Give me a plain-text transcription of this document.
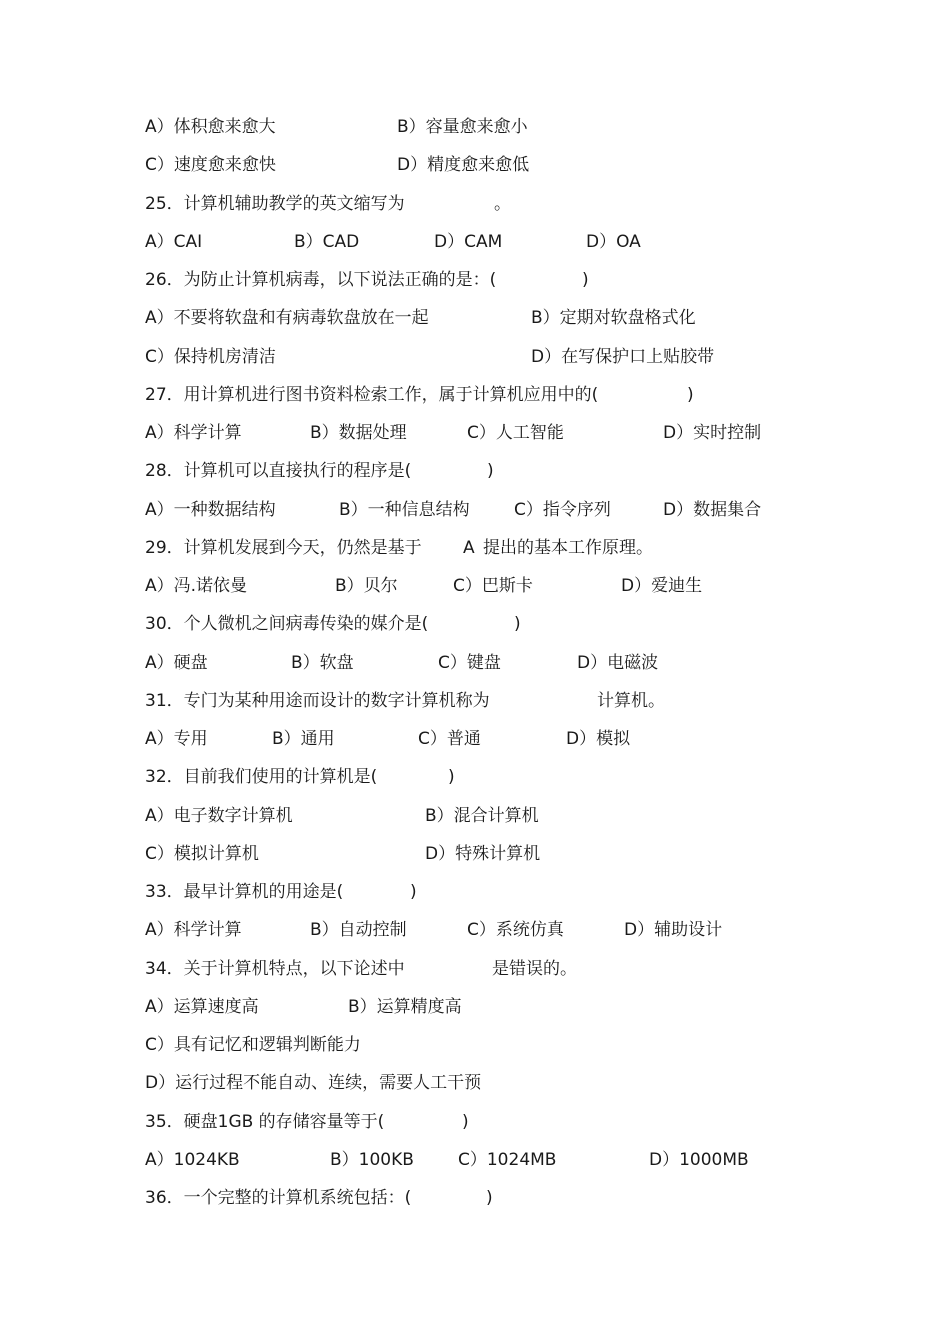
A）体积愈来愈大	B）容量愈来愈小
C）速度愈来愈快	D）精度愈来愈低
25．计算机辅助教学的英文缩写为	。
A）CAI	B）CAD	D）CAM	D）OA
26．为防止计算机病毒，以下说法正确的是：(	)
A）不要将软盘和有病毒软盘放在一起	B）定期对软盘格式化
C）保持机房清洁	D）在写保护口上贴胶带
27．用计算机进行图书资料检索工作，属于计算机应用中的(	)
A）科学计算	B）数据处理	C）人工智能	D）实时控制
28．计算机可以直接执行的程序是(	)
A）一种数据结构	B）一种信息结构	C）指令序列	D）数据集合
29．计算机发展到今天，仍然是基于 A 提出的基本工作原理。
A）冯.诺依曼	B）贝尔	C）巴斯卡	D）爱迪生
30．个人微机之间病毒传染的媒介是(	)
A）硬盘	B）软盘	C）键盘	D）电磁波
31．专门为某种用途而设计的数字计算机称为	计算机。
A）专用	B）通用	C）普通	D）模拟
32．目前我们使用的计算机是(	)
A）电子数字计算机	B）混合计算机
C）模拟计算机	D）特殊计算机
33．最早计算机的用途是(	)
A）科学计算	B）自动控制	C）系统仿真	D）辅助设计
34．关于计算机特点，以下论述中	是错误的。
A）运算速度高	B）运算精度高
C）具有记忆和逻辑判断能力
D）运行过程不能自动、连续，需要人工干预
35．硬盘1GB 的存储容量等于(	)
A）1024KB	B）100KB	C）1024MB	D）1000MB
36．一个完整的计算机系统包括：(	)
